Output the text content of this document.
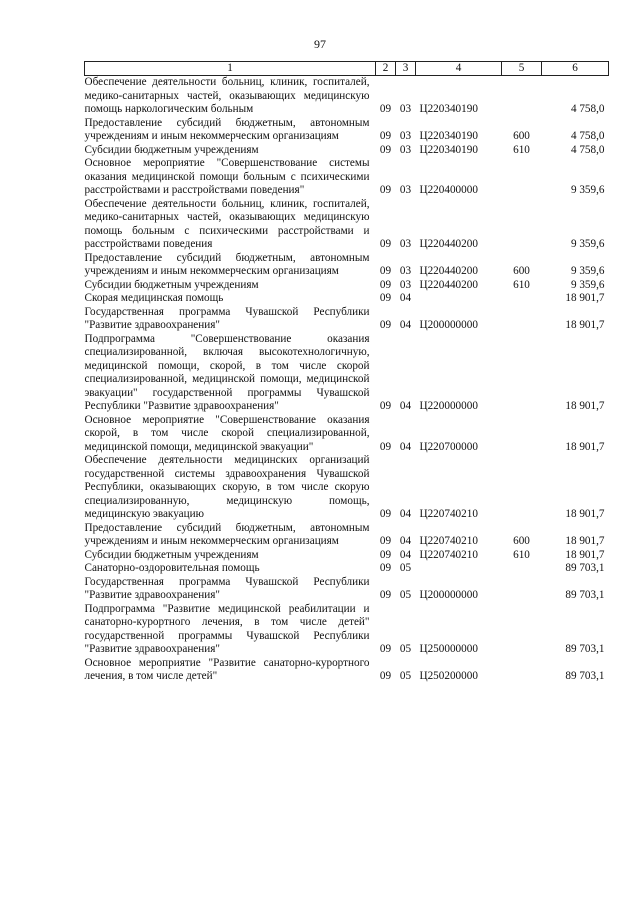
97
1	2	3	4	5	6
Обеспечение деятельности больниц, клиник, госпиталей, медико-санитарных частей, оказывающих медицинскую помощь наркологическим больным	09	03	Ц220340190		4 758,0
Предоставление субсидий бюджетным, автономным учреждениям и иным некоммерческим организациям	09	03	Ц220340190	600	4 758,0
Субсидии бюджетным учреждениям	09	03	Ц220340190	610	4 758,0
Основное мероприятие "Совершенствование системы оказания медицинской помощи больным с психическими расстройствами и расстройствами поведения"	09	03	Ц220400000		9 359,6
Обеспечение деятельности больниц, клиник, госпиталей, медико-санитарных частей, оказывающих медицинскую помощь больным с психическими расстройствами и расстройствами поведения	09	03	Ц220440200		9 359,6
Предоставление субсидий бюджетным, автономным учреждениям и иным некоммерческим организациям	09	03	Ц220440200	600	9 359,6
Субсидии бюджетным учреждениям	09	03	Ц220440200	610	9 359,6
Скорая медицинская помощь	09	04			18 901,7
Государственная программа Чувашской Республики "Развитие здравоохранения"	09	04	Ц200000000		18 901,7
Подпрограмма "Совершенствование оказания специализированной, включая высокотехнологичную, медицинской помощи, скорой, в том числе скорой специализированной, медицинской помощи, медицинской эвакуации" государственной программы Чувашской Республики "Развитие здравоохранения"	09	04	Ц220000000		18 901,7
Основное мероприятие "Совершенствование оказания скорой, в том числе скорой специализированной, медицинской помощи, медицинской эвакуации"	09	04	Ц220700000		18 901,7
Обеспечение деятельности медицинских организаций государственной системы здравоохранения Чувашской Республики, оказывающих скорую, в том числе скорую специализированную, медицинскую помощь, медицинскую эвакуацию	09	04	Ц220740210		18 901,7
Предоставление субсидий бюджетным, автономным учреждениям и иным некоммерческим организациям	09	04	Ц220740210	600	18 901,7
Субсидии бюджетным учреждениям	09	04	Ц220740210	610	18 901,7
Санаторно-оздоровительная помощь	09	05			89 703,1
Государственная программа Чувашской Республики "Развитие здравоохранения"	09	05	Ц200000000		89 703,1
Подпрограмма "Развитие медицинской реабилитации и санаторно-курортного лечения, в том числе детей" государственной программы Чувашской Республики "Развитие здравоохранения"	09	05	Ц250000000		89 703,1
Основное мероприятие "Развитие санаторно-курортного лечения, в том числе детей"	09	05	Ц250200000		89 703,1
